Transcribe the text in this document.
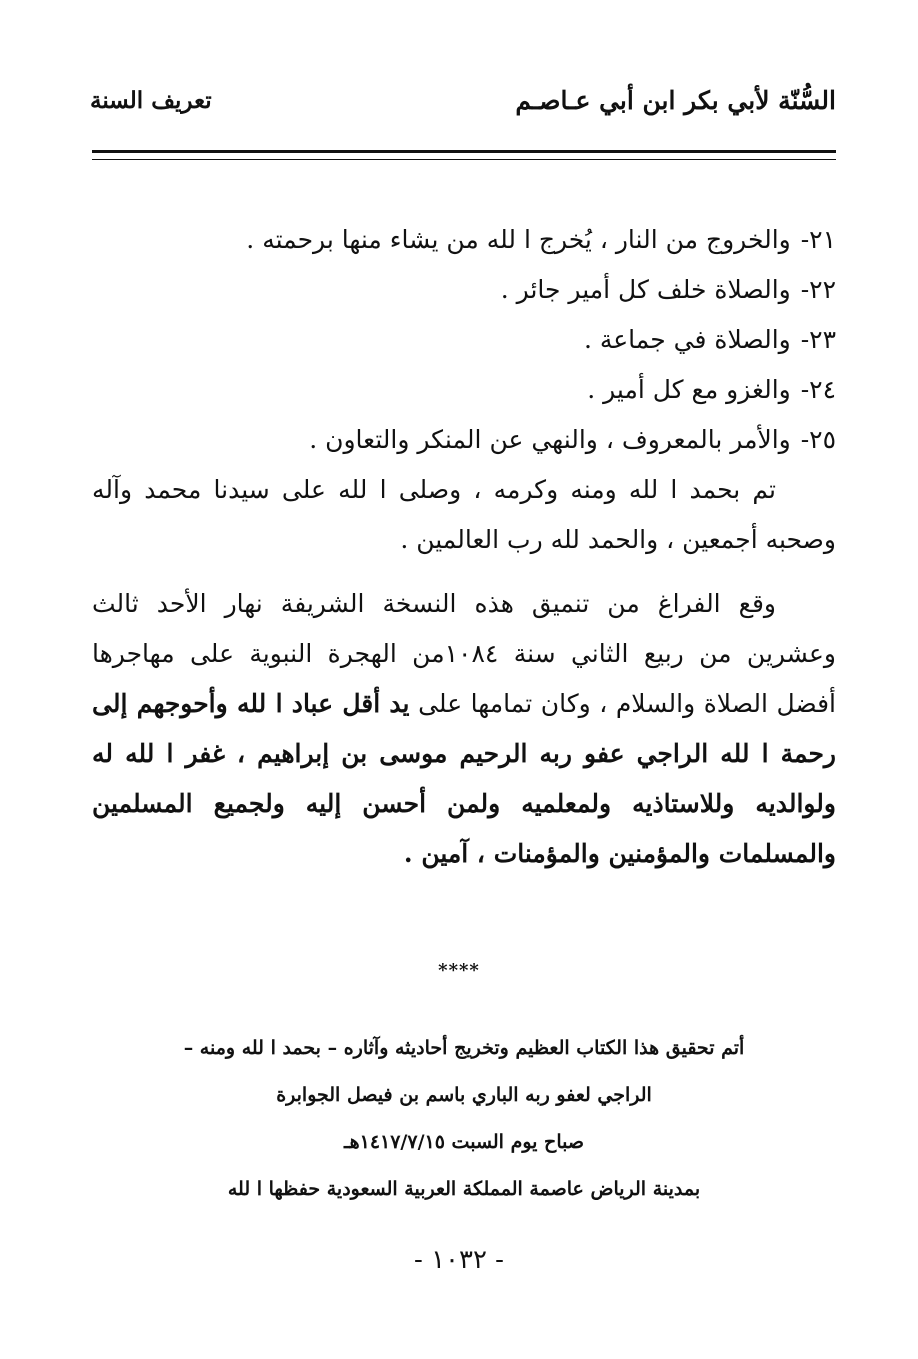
السُّنّة لأبي بكر ابن أبي عـاصـم
تعريف السنة

٢١- والخروج من النار ، يُخرج ا لله من يشاء منها برحمته .

٢٢- والصلاة خلف كل أمير جائر .

٢٣- والصلاة في جماعة .

٢٤- والغزو مع كل أمير .

٢٥- والأمر بالمعروف ، والنهي عن المنكر والتعاون .

تم بحمد ا لله ومنه وكرمه ، وصلى ا لله على سيدنا محمد وآله وصحبه أجمعين ، والحمد لله رب العالمين .

وقع الفراغ من تنميق هذه النسخة الشريفة نهار الأحد ثالث وعشرين من ربيع الثاني سنة ١٠٨٤من الهجرة النبوية على مهاجرها أفضل الصلاة والسلام ، وكان تمامها على يد أقل عباد ا لله وأحوجهم إلى رحمة ا لله الراجي عفو ربه الرحيم موسى بن إبراهيم ، غفر ا لله له ولوالديه وللاستاذيه ولمعلميه ولمن أحسن إليه ولجميع المسلمين والمسلمات والمؤمنين والمؤمنات ، آمين .

****
أتم تحقيق هذا الكتاب العظيم وتخريج أحاديثه وآثاره – بحمد ا لله ومنه –
الراجي لعفو ربه الباري باسم بن فيصل الجوابرة
صباح يوم السبت ١٤١٧/٧/١٥هـ
بمدينة الرياض عاصمة المملكة العربية السعودية حفظها ا لله
- ١٠٣٢ -
